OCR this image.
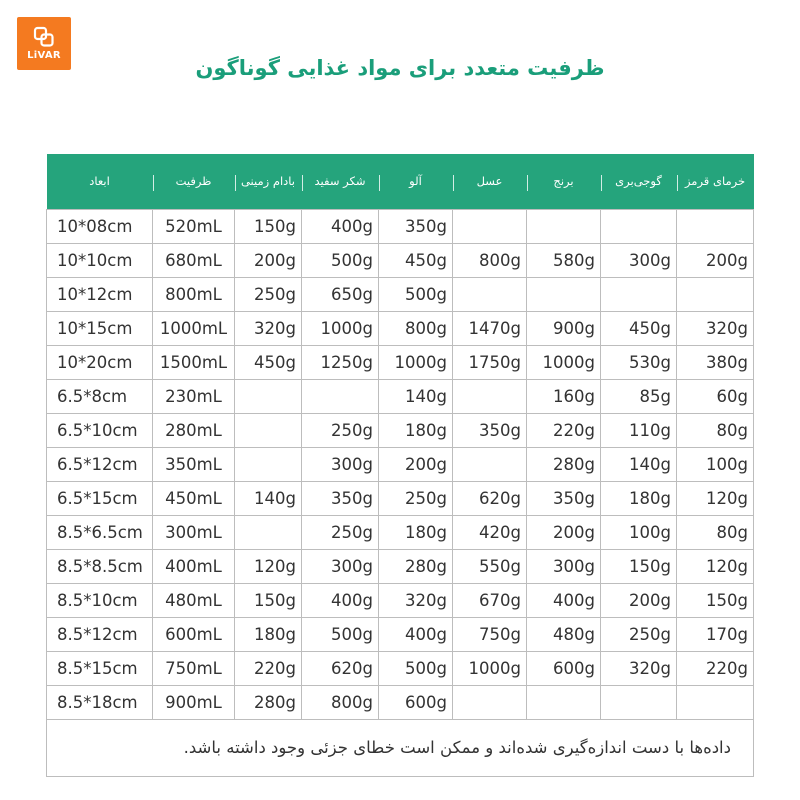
LiVAR
ظرفیت متعدد برای مواد غذایی گوناگون
ابعاد	ظرفیت	بادام زمینی	شکر سفید	آلو	عسل	برنج	گوجی‌بری	خرمای قرمز
10*08cm	520mL	150g	400g	350g				
10*10cm	680mL	200g	500g	450g	800g	580g	300g	200g
10*12cm	800mL	250g	650g	500g				
10*15cm	1000mL	320g	1000g	800g	1470g	900g	450g	320g
10*20cm	1500mL	450g	1250g	1000g	1750g	1000g	530g	380g
6.5*8cm	230mL			140g		160g	85g	60g
6.5*10cm	280mL		250g	180g	350g	220g	110g	80g
6.5*12cm	350mL		300g	200g		280g	140g	100g
6.5*15cm	450mL	140g	350g	250g	620g	350g	180g	120g
8.5*6.5cm	300mL		250g	180g	420g	200g	100g	80g
8.5*8.5cm	400mL	120g	300g	280g	550g	300g	150g	120g
8.5*10cm	480mL	150g	400g	320g	670g	400g	200g	150g
8.5*12cm	600mL	180g	500g	400g	750g	480g	250g	170g
8.5*15cm	750mL	220g	620g	500g	1000g	600g	320g	220g
8.5*18cm	900mL	280g	800g	600g				
داده‌ها با دست اندازه‌گیری شده‌اند و ممکن است خطای جزئی وجود داشته باشد.								
